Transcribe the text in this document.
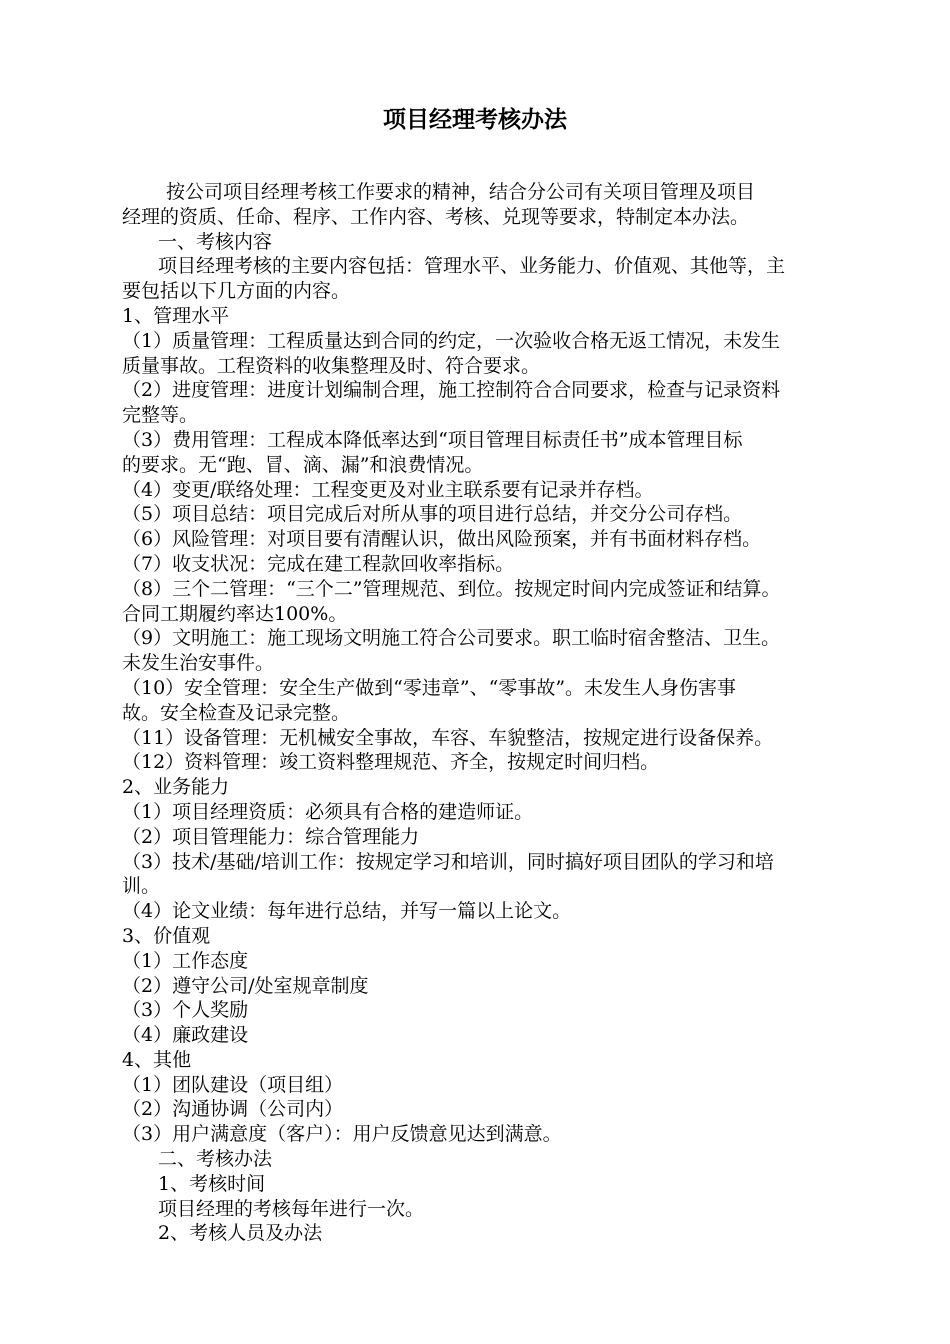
项目经理考核办法
按公司项目经理考核工作要求的精神，结合分公司有关项目管理及项目
经理的资质、任命、程序、工作内容、考核、兑现等要求，特制定本办法。
一、考核内容
项目经理考核的主要内容包括：管理水平、业务能力、价值观、其他等，主
要包括以下几方面的内容。
1、管理水平
（1）质量管理：工程质量达到合同的约定，一次验收合格无返工情况，未发生
质量事故。工程资料的收集整理及时、符合要求。
（2）进度管理：进度计划编制合理，施工控制符合合同要求，检查与记录资料
完整等。
（3）费用管理：工程成本降低率达到“项目管理目标责任书”成本管理目标
的要求。无“跑、冒、滴、漏”和浪费情况。
（4）变更/联络处理：工程变更及对业主联系要有记录并存档。
（5）项目总结：项目完成后对所从事的项目进行总结，并交分公司存档。
（6）风险管理：对项目要有清醒认识，做出风险预案，并有书面材料存档。
（7）收支状况：完成在建工程款回收率指标。
（8）三个二管理：“三个二”管理规范、到位。按规定时间内完成签证和结算。
合同工期履约率达100%。
（9）文明施工：施工现场文明施工符合公司要求。职工临时宿舍整洁、卫生。
未发生治安事件。
（10）安全管理：安全生产做到“零违章”、“零事故”。未发生人身伤害事
故。安全检查及记录完整。
（11）设备管理：无机械安全事故，车容、车貌整洁，按规定进行设备保养。
（12）资料管理：竣工资料整理规范、齐全，按规定时间归档。
2、业务能力
（1）项目经理资质：必须具有合格的建造师证。
（2）项目管理能力：综合管理能力
（3）技术/基础/培训工作：按规定学习和培训，同时搞好项目团队的学习和培
训。
（4）论文业绩：每年进行总结，并写一篇以上论文。
3、价值观
（1）工作态度
（2）遵守公司/处室规章制度
（3）个人奖励
（4）廉政建设
4、其他
（1）团队建设（项目组）
（2）沟通协调（公司内）
（3）用户满意度（客户）：用户反馈意见达到满意。
二、考核办法
1、考核时间
项目经理的考核每年进行一次。
2、考核人员及办法
